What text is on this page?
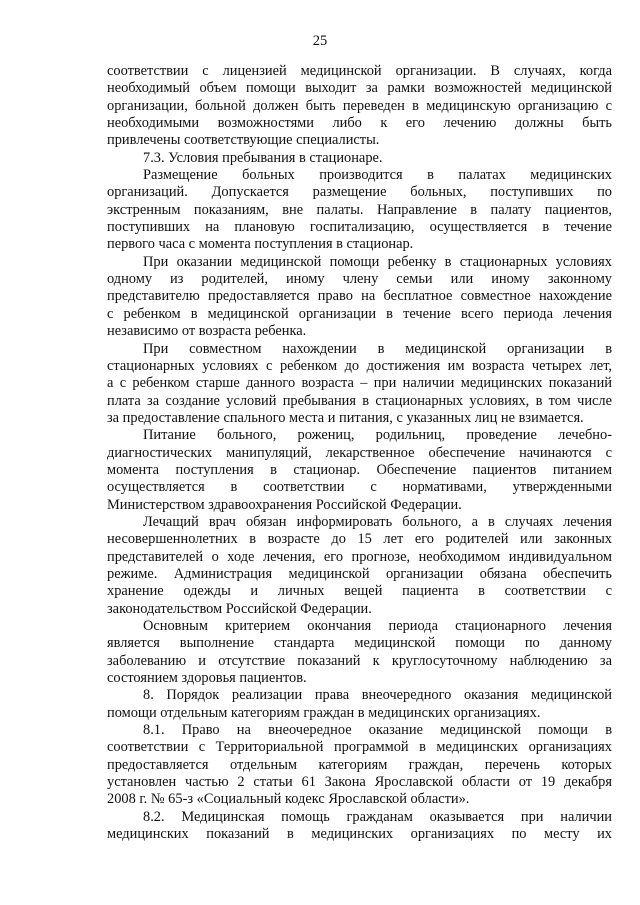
25
соответствии с лицензией медицинской организации. В случаях, когда
необходимый объем помощи выходит за рамки возможностей медицинской
организации, больной должен быть переведен в медицинскую организацию с
необходимыми возможностями либо к его лечению должны быть
привлечены соответствующие специалисты.
7.3. Условия пребывания в стационаре.
Размещение больных производится в палатах медицинских
организаций. Допускается размещение больных, поступивших по
экстренным показаниям, вне палаты. Направление в палату пациентов,
поступивших на плановую госпитализацию, осуществляется в течение
первого часа с момента поступления в стационар.
При оказании медицинской помощи ребенку в стационарных условиях
одному из родителей, иному члену семьи или иному законному
представителю предоставляется право на бесплатное совместное нахождение
с ребенком в медицинской организации в течение всего периода лечения
независимо от возраста ребенка.
При совместном нахождении в медицинской организации в
стационарных условиях с ребенком до достижения им возраста четырех лет,
а с ребенком старше данного возраста – при наличии медицинских показаний
плата за создание условий пребывания в стационарных условиях, в том числе
за предоставление спального места и питания, с указанных лиц не взимается.
Питание больного, рожениц, родильниц, проведение лечебно-
диагностических манипуляций, лекарственное обеспечение начинаются с
момента поступления в стационар. Обеспечение пациентов питанием
осуществляется в соответствии с нормативами, утвержденными
Министерством здравоохранения Российской Федерации.
Лечащий врач обязан информировать больного, а в случаях лечения
несовершеннолетних в возрасте до 15 лет его родителей или законных
представителей о ходе лечения, его прогнозе, необходимом индивидуальном
режиме. Администрация медицинской организации обязана обеспечить
хранение одежды и личных вещей пациента в соответствии с
законодательством Российской Федерации.
Основным критерием окончания периода стационарного лечения
является выполнение стандарта медицинской помощи по данному
заболеванию и отсутствие показаний к круглосуточному наблюдению за
состоянием здоровья пациентов.
8. Порядок реализации права внеочередного оказания медицинской
помощи отдельным категориям граждан в медицинских организациях.
8.1. Право на внеочередное оказание медицинской помощи в
соответствии с Территориальной программой в медицинских организациях
предоставляется отдельным категориям граждан, перечень которых
установлен частью 2 статьи 61 Закона Ярославской области от 19 декабря
2008 г. № 65-з «Социальный кодекс Ярославской области».
8.2. Медицинская помощь гражданам оказывается при наличии
медицинских показаний в медицинских организациях по месту их
